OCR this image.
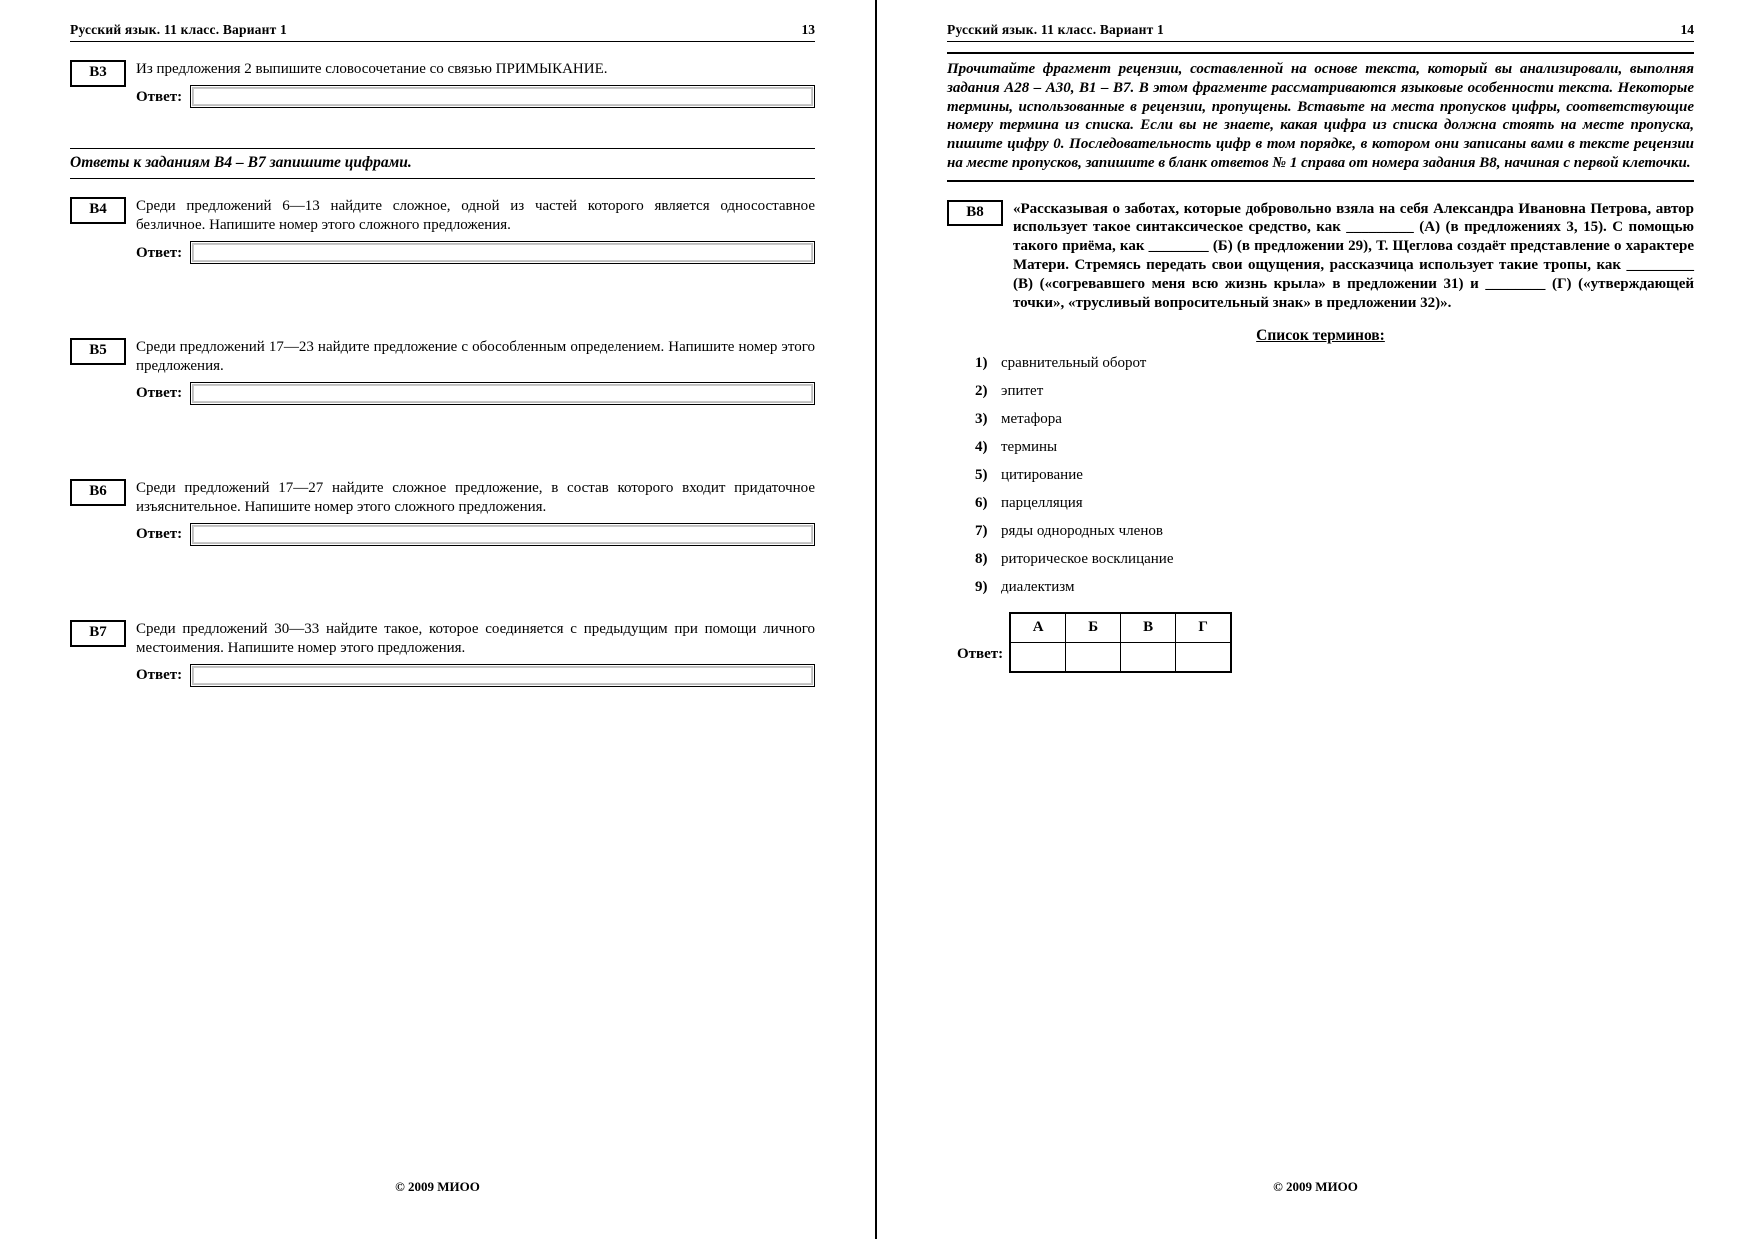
Русский язык. 11 класс. Вариант 1	13
B3	Из предложения 2 выпишите словосочетание со связью ПРИМЫКАНИЕ.
Ответ:
Ответы к заданиям В4 – В7 запишите цифрами.
B4	Среди предложений 6—13 найдите сложное, одной из частей которого является односоставное безличное. Напишите номер этого сложного предложения.
Ответ:
B5	Среди предложений 17—23 найдите предложение с обособленным определением. Напишите номер этого предложения.
Ответ:
B6	Среди предложений 17—27 найдите сложное предложение, в состав которого входит придаточное изъяснительное. Напишите номер этого сложного предложения.
Ответ:
B7	Среди предложений 30—33 найдите такое, которое соединяется с предыдущим при помощи личного местоимения. Напишите номер этого предложения.
Ответ:
© 2009 МИОО
Русский язык. 11 класс. Вариант 1	14
Прочитайте фрагмент рецензии, составленной на основе текста, который вы анализировали, выполняя задания А28 – А30, В1 – В7. В этом фрагменте рассматриваются языковые особенности текста. Некоторые термины, использованные в рецензии, пропущены. Вставьте на места пропусков цифры, соответствующие номеру термина из списка. Если вы не знаете, какая цифра из списка должна стоять на месте пропуска, пишите цифру 0. Последовательность цифр в том порядке, в котором они записаны вами в тексте рецензии на месте пропусков, запишите в бланк ответов № 1 справа от номера задания В8, начиная с первой клеточки.
B8	«Рассказывая о заботах, которые добровольно взяла на себя Александра Ивановна Петрова, автор использует такое синтаксическое средство, как _________ (А) (в предложениях 3, 15). С помощью такого приёма, как ________ (Б) (в предложении 29), Т. Щеглова создаёт представление о характере Матери. Стремясь передать свои ощущения, рассказчица использует такие тропы, как _________ (В) («согревавшего меня всю жизнь крыла» в предложении 31) и ________ (Г) («утверждающей точки», «трусливый вопросительный знак» в предложении 32)».
Список терминов:
1) сравнительный оборот
2) эпитет
3) метафора
4) термины
5) цитирование
6) парцелляция
7) ряды однородных членов
8) риторическое восклицание
9) диалектизм
Ответ:
А	Б	В	Г

© 2009 МИОО
